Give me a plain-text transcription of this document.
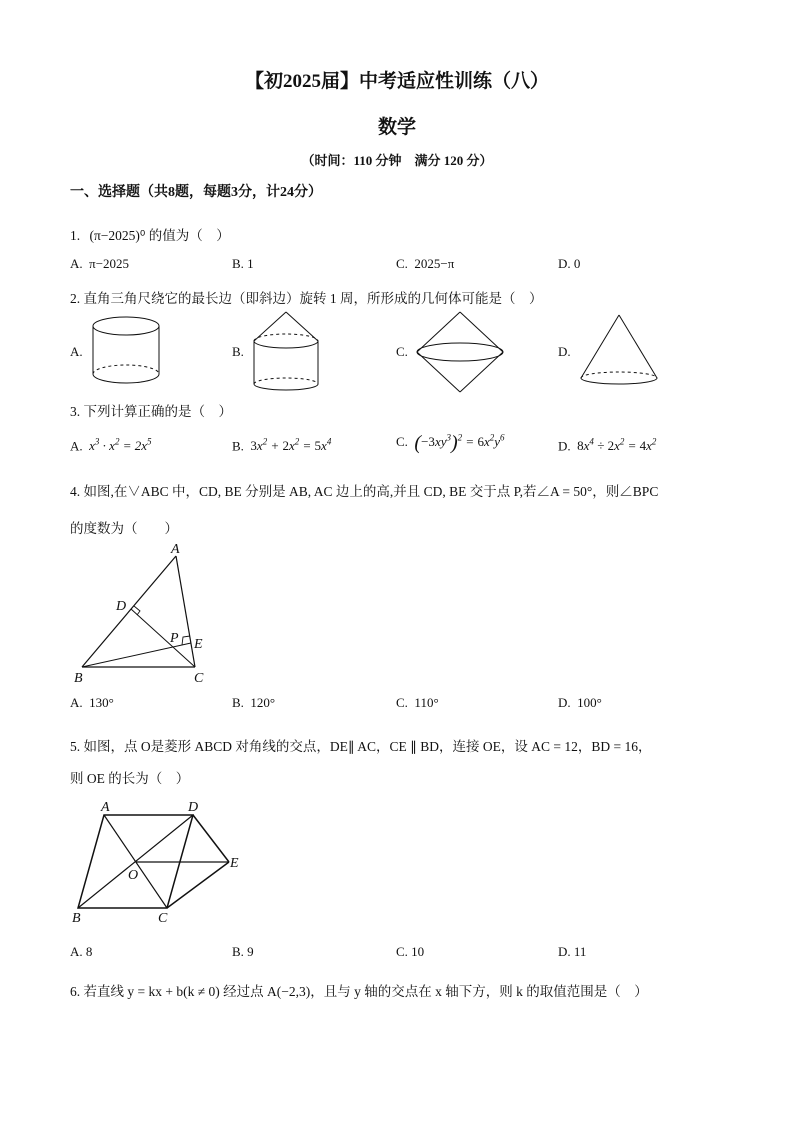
【初2025届】中考适应性训练（八）
数学
（时间：110 分钟　满分 120 分）
一、选择题（共8题，每题3分，计24分）
1. (π−2025)⁰ 的值为（　）
A. π−2025	B. 1	C. 2025−π	D. 0
2. 直角三角尺绕它的最长边（即斜边）旋转 1 周，所形成的几何体可能是（　）
A.	B.	C.	D.
3. 下列计算正确的是（　）
A. $x^3 \cdot x^2 = 2x^5$	B. $3x^2 + 2x^2 = 5x^4$	C. $(-3xy^3)^2 = 6x^2y^6$
D. $8x^4 \div 2x^2 = 4x^2$
4. 如图,在∨ABC 中，CD, BE 分别是 AB, AC 边上的高,并且 CD, BE 交于点 P,若∠A = 50°，则∠BPC
的度数为（　　）
A
B	C
D
E
P
A. 130°	B. 120°	C. 110°	D. 100°
5. 如图，点 O是菱形 ABCD 对角线的交点，DE∥ AC，CE ∥ BD，连接 OE，设 AC = 12，BD = 16，
则 OE 的长为（　）
A	D
B	C
E
O
A. 8	B. 9	C. 10	D. 11
6. 若直线 y = kx + b(k ≠ 0) 经过点 A(−2,3)，且与 y 轴的交点在 x 轴下方，则 k 的取值范围是（　）
